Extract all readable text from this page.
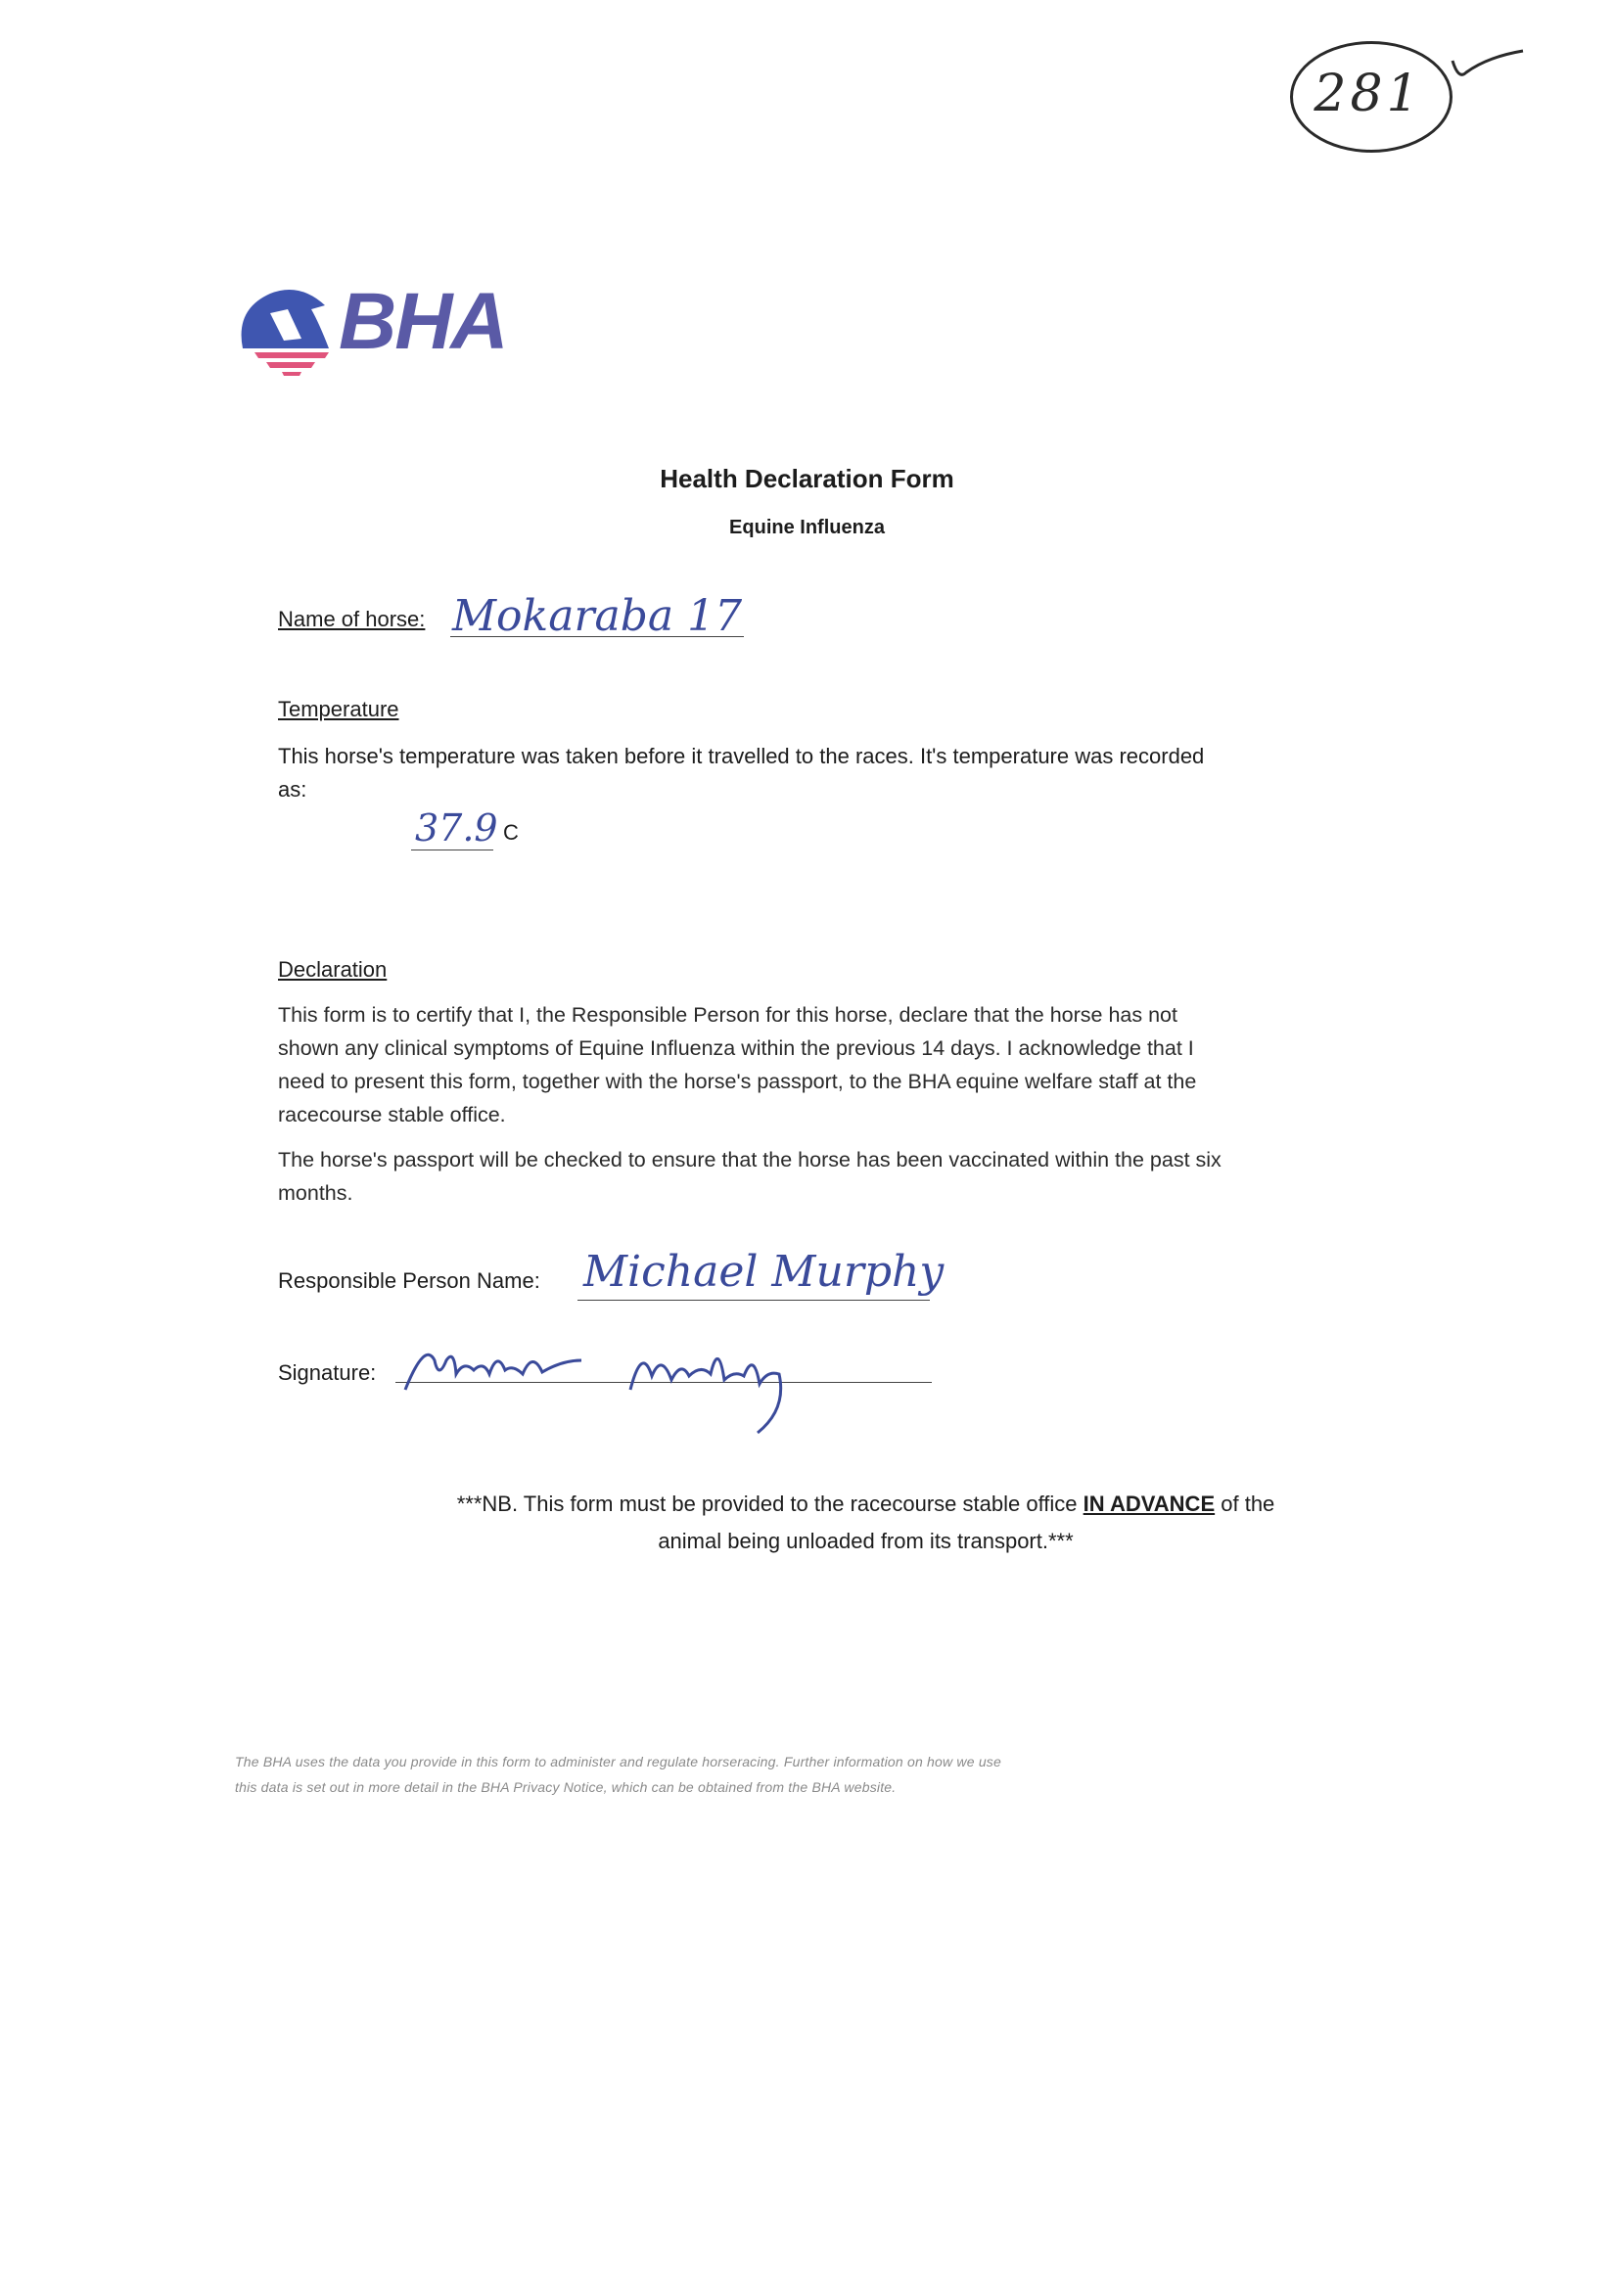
281
BHA
Health Declaration Form
Equine Influenza
Name of horse: Mokaraba 17
Temperature
This horse's temperature was taken before it travelled to the races. It's temperature was recorded as:
37.9 C
Declaration
This form is to certify that I, the Responsible Person for this horse, declare that the horse has not shown any clinical symptoms of Equine Influenza within the previous 14 days. I acknowledge that I need to present this form, together with the horse's passport, to the BHA equine welfare staff at the racecourse stable office.
The horse's passport will be checked to ensure that the horse has been vaccinated within the past six months.
Responsible Person Name: Michael Murphy
Signature:
***NB. This form must be provided to the racecourse stable office IN ADVANCE of the
animal being unloaded from its transport.***
The BHA uses the data you provide in this form to administer and regulate horseracing. Further information on how we use
this data is set out in more detail in the BHA Privacy Notice, which can be obtained from the BHA website.
